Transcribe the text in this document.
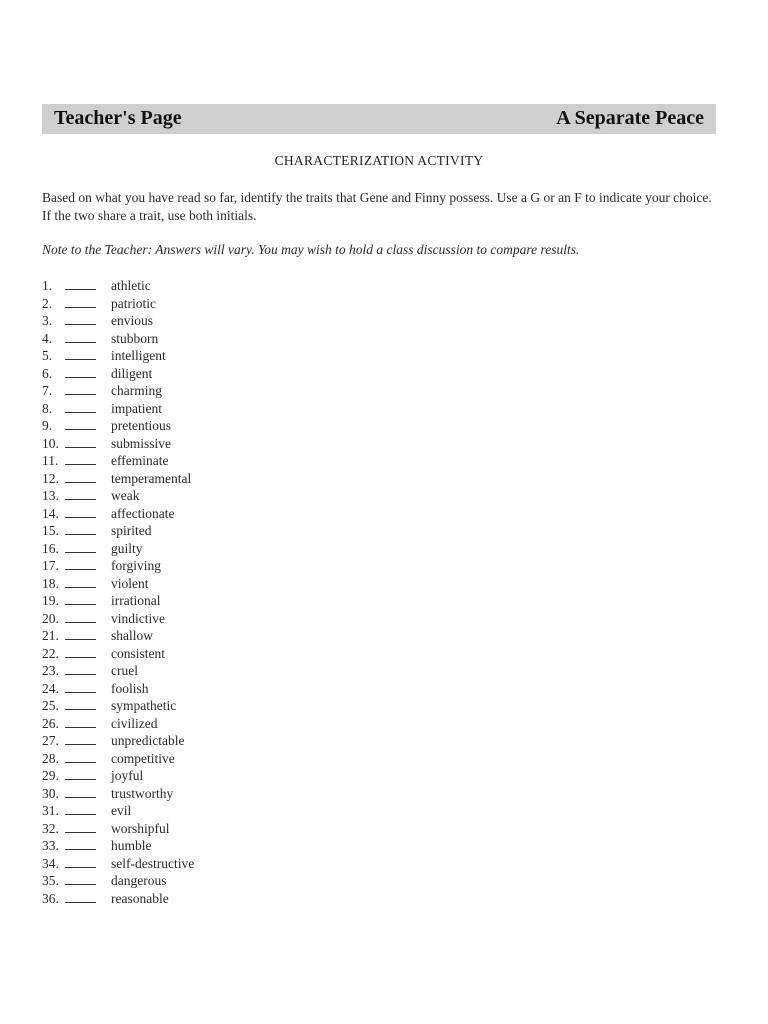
Teacher's Page	A Separate Peace
CHARACTERIZATION ACTIVITY
Based on what you have read so far, identify the traits that Gene and Finny possess. Use a G or an F to indicate your choice. If the two share a trait, use both initials.
Note to the Teacher: Answers will vary. You may wish to hold a class discussion to compare results.
1.	athletic
2.	patriotic
3.	envious
4.	stubborn
5.	intelligent
6.	diligent
7.	charming
8.	impatient
9.	pretentious
10.	submissive
11.	effeminate
12.	temperamental
13.	weak
14.	affectionate
15.	spirited
16.	guilty
17.	forgiving
18.	violent
19.	irrational
20.	vindictive
21.	shallow
22.	consistent
23.	cruel
24.	foolish
25.	sympathetic
26.	civilized
27.	unpredictable
28.	competitive
29.	joyful
30.	trustworthy
31.	evil
32.	worshipful
33.	humble
34.	self-destructive
35.	dangerous
36.	reasonable
